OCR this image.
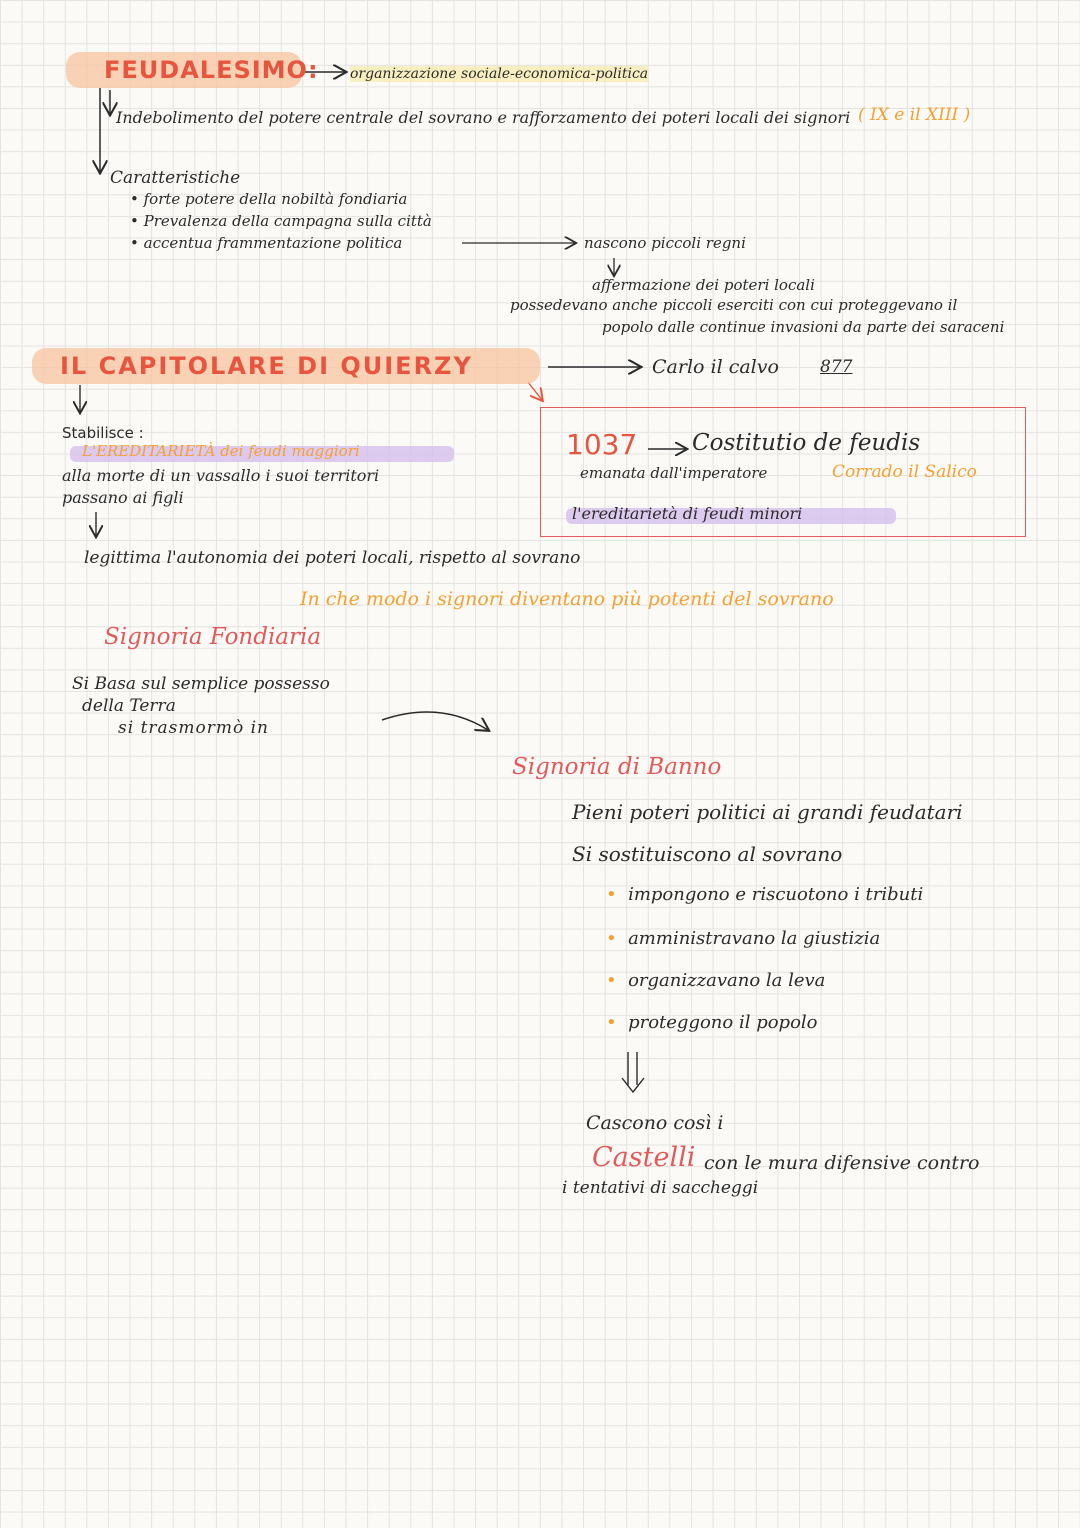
FEUDALESIMO: organizzazione sociale-economica-politica
Indebolimento del potere centrale del sovrano e rafforzamento dei poteri locali dei signori ( IX e il XIII )
Caratteristiche
• forte potere della nobiltà fondiaria
• Prevalenza della campagna sulla città
• accentua frammentazione politica	nascono piccoli regni
affermazione dei poteri locali
possedevano anche piccoli eserciti con cui proteggevano il
popolo dalle continue invasioni da parte dei saraceni
IL CAPITOLARE DI QUIERZY	Carlo il calvo 877
Stabilisce :
L'EREDITARIETÀ dei feudi maggiori
alla morte di un vassallo i suoi territori
passano ai figli
1037 Costitutio de feudis
emanata dall'imperatore	Corrado il Salico
l'ereditarietà di feudi minori
legittima l'autonomia dei poteri locali, rispetto al sovrano
In che modo i signori diventano più potenti del sovrano
Signoria Fondiaria
Si Basa sul semplice possesso
della Terra
si trasmormò in
Signoria di Banno
Pieni poteri politici ai grandi feudatari
Si sostituiscono al sovrano
• impongono e riscuotono i tributi
• amministravano la giustizia
• organizzavano la leva
• proteggono il popolo
Cascono così i
Castelli con le mura difensive contro
i tentativi di saccheggi
